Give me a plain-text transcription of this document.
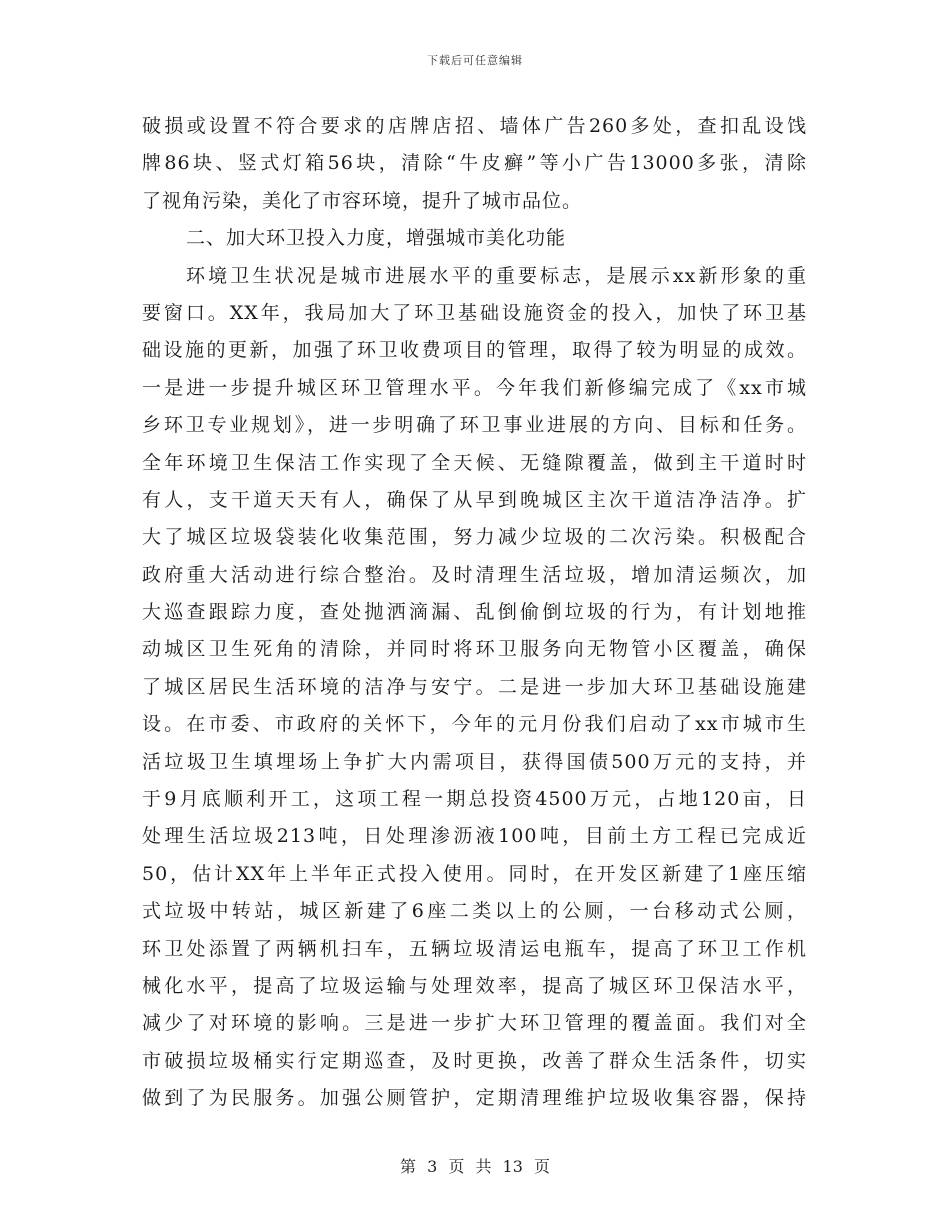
下载后可任意编辑
破损或设置不符合要求的店牌店招、墙体广告260多处，查扣乱设饯
牌86块、竖式灯箱56块，清除“牛皮癣”等小广告13000多张，清除
了视角污染，美化了市容环境，提升了城市品位。
二、加大环卫投入力度，增强城市美化功能
环境卫生状况是城市进展水平的重要标志，是展示xx新形象的重
要窗口。XX年，我局加大了环卫基础设施资金的投入，加快了环卫基
础设施的更新，加强了环卫收费项目的管理，取得了较为明显的成效。
一是进一步提升城区环卫管理水平。今年我们新修编完成了《xx市城
乡环卫专业规划》，进一步明确了环卫事业进展的方向、目标和任务。
全年环境卫生保洁工作实现了全天候、无缝隙覆盖，做到主干道时时
有人，支干道天天有人，确保了从早到晚城区主次干道洁净洁净。扩
大了城区垃圾袋装化收集范围，努力减少垃圾的二次污染。积极配合
政府重大活动进行综合整治。及时清理生活垃圾，增加清运频次，加
大巡查跟踪力度，查处抛洒滴漏、乱倒偷倒垃圾的行为，有计划地推
动城区卫生死角的清除，并同时将环卫服务向无物管小区覆盖，确保
了城区居民生活环境的洁净与安宁。二是进一步加大环卫基础设施建
设。在市委、市政府的关怀下，今年的元月份我们启动了xx市城市生
活垃圾卫生填埋场上争扩大内需项目，获得国债500万元的支持，并
于9月底顺利开工，这项工程一期总投资4500万元，占地120亩，日
处理生活垃圾213吨，日处理渗沥液100吨，目前土方工程已完成近
50，估计XX年上半年正式投入使用。同时，在开发区新建了1座压缩
式垃圾中转站，城区新建了6座二类以上的公厕，一台移动式公厕，
环卫处添置了两辆机扫车，五辆垃圾清运电瓶车，提高了环卫工作机
械化水平，提高了垃圾运输与处理效率，提高了城区环卫保洁水平，
减少了对环境的影响。三是进一步扩大环卫管理的覆盖面。我们对全
市破损垃圾桶实行定期巡查，及时更换，改善了群众生活条件，切实
做到了为民服务。加强公厕管护，定期清理维护垃圾收集容器，保持
第 3 页 共 13 页
